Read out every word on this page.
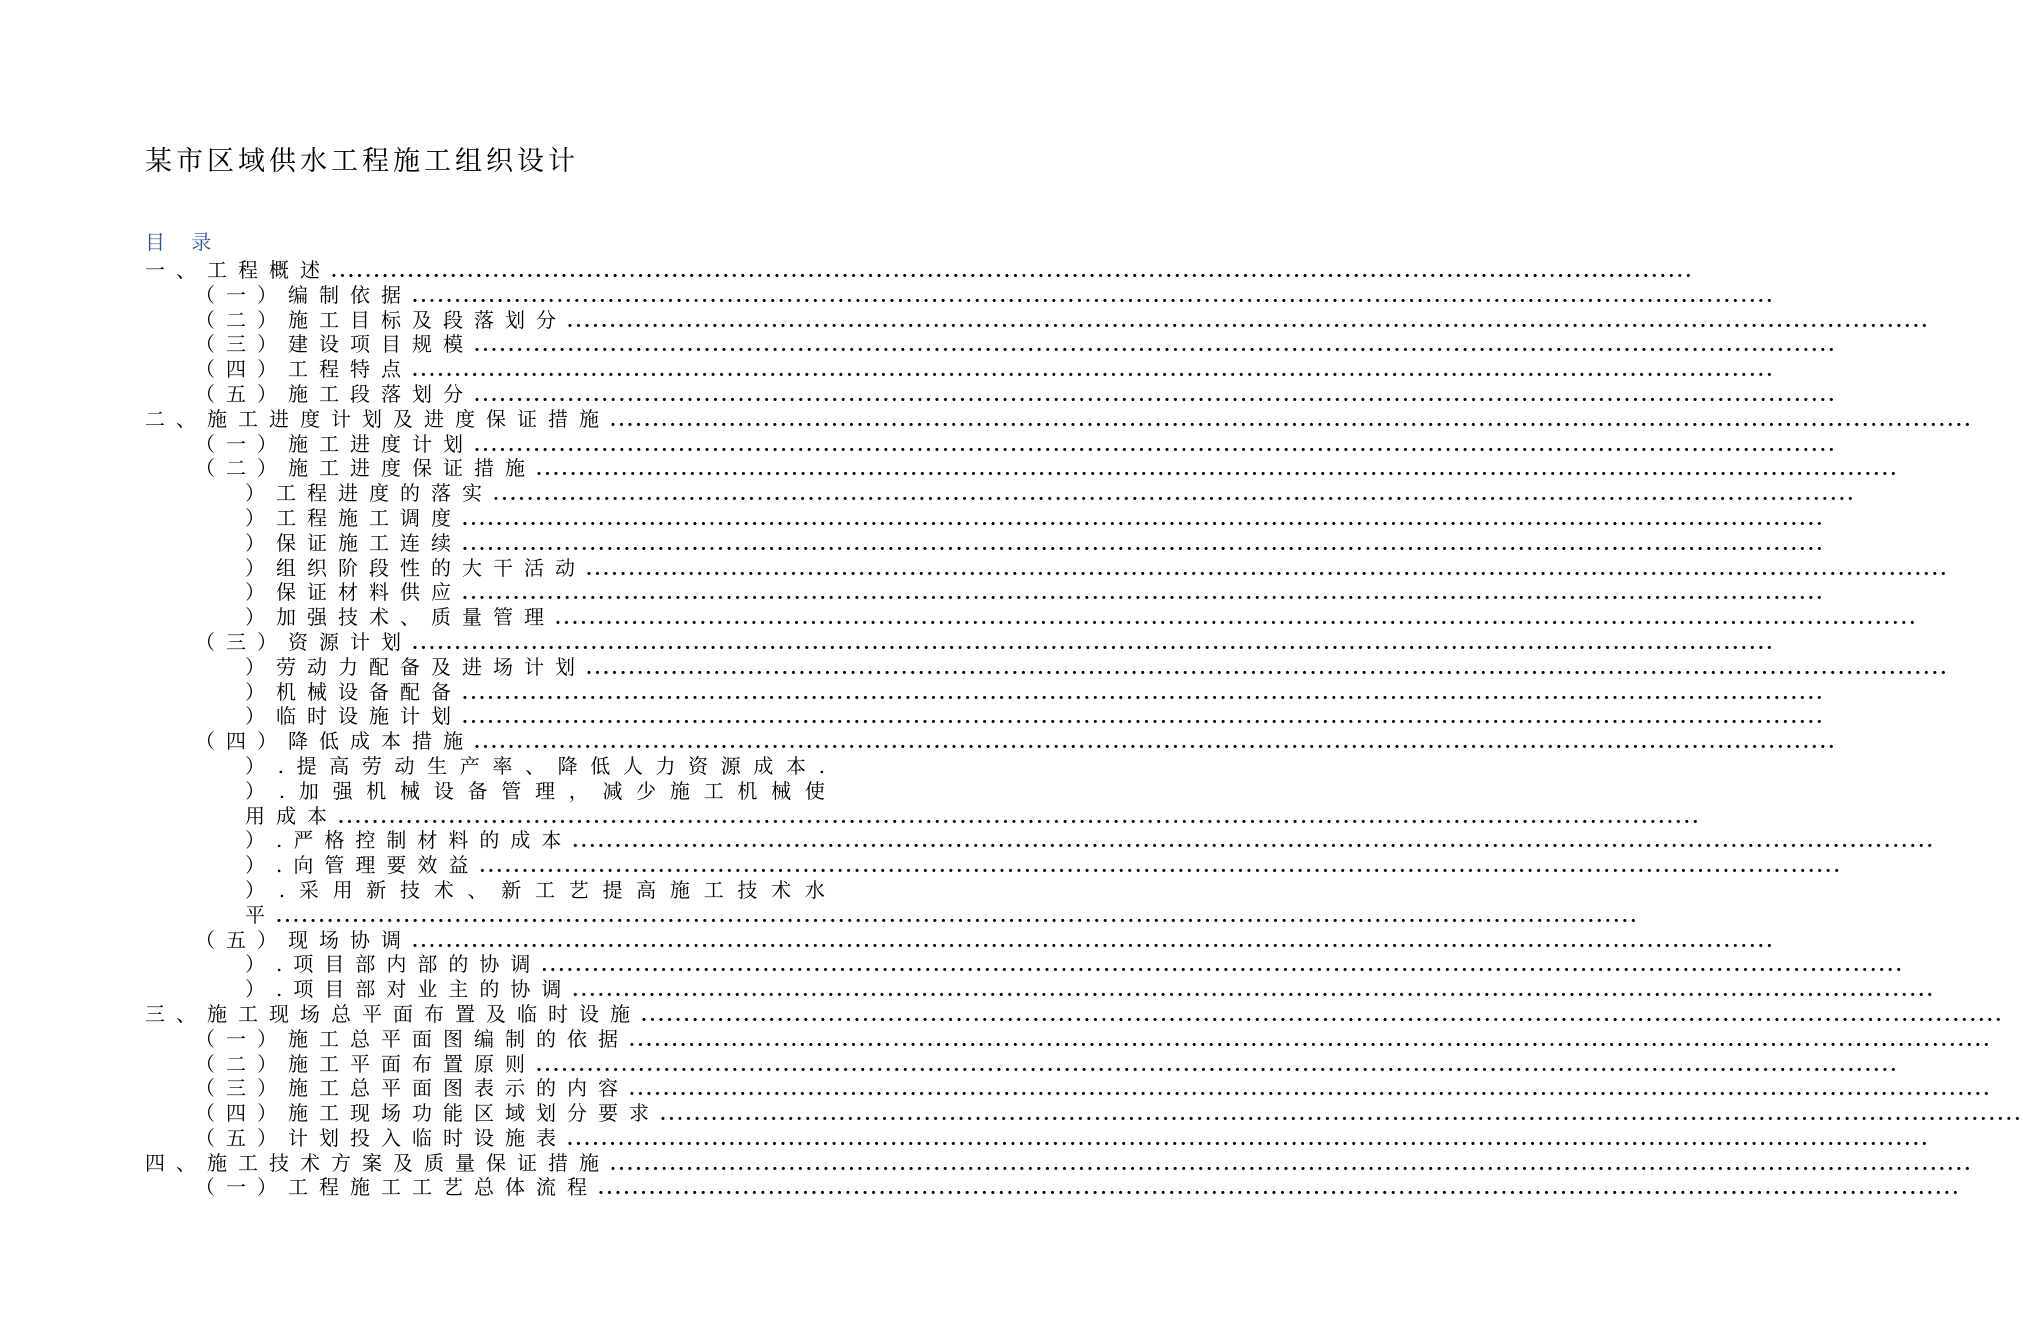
某市区域供水工程施工组织设计
目 录
一、工程概述 ................................................................................................................................................................
（一）编制依据 ................................................................................................................................................................
（二）施工目标及段落划分 ................................................................................................................................................................
（三）建设项目规模 ................................................................................................................................................................
（四）工程特点 ................................................................................................................................................................
（五）施工段落划分 ................................................................................................................................................................
二、施工进度计划及进度保证措施 ................................................................................................................................................................
（一）施工进度计划 ................................................................................................................................................................
（二）施工进度保证措施 ................................................................................................................................................................
）工程进度的落实 ................................................................................................................................................................
）工程施工调度 ................................................................................................................................................................
）保证施工连续 ................................................................................................................................................................
）组织阶段性的大干活动 ................................................................................................................................................................
）保证材料供应 ................................................................................................................................................................
）加强技术、质量管理 ................................................................................................................................................................
（三）资源计划 ................................................................................................................................................................
）劳动力配备及进场计划 ................................................................................................................................................................
）机械设备配备 ................................................................................................................................................................
）临时设施计划 ................................................................................................................................................................
（四）降低成本措施 ................................................................................................................................................................
） . 提 高 劳 动 生 产 率 、 降 低 人 力 资 源 成 本 .
） . 加 强 机 械 设 备 管 理 ， 减 少 施 工 机 械 使
用成本 ................................................................................................................................................................
）.严格控制材料的成本 ................................................................................................................................................................
）.向管理要效益 ................................................................................................................................................................
） . 采 用 新 技 术 、 新 工 艺 提 高 施 工 技 术 水
平 ................................................................................................................................................................
（五）现场协调 ................................................................................................................................................................
）.项目部内部的协调 ................................................................................................................................................................
）.项目部对业主的协调 ................................................................................................................................................................
三、施工现场总平面布置及临时设施 ................................................................................................................................................................
（一）施工总平面图编制的依据 ................................................................................................................................................................
（二）施工平面布置原则 ................................................................................................................................................................
（三）施工总平面图表示的内容 ................................................................................................................................................................
（四）施工现场功能区域划分要求 ................................................................................................................................................................
（五）计划投入临时设施表 ................................................................................................................................................................
四、施工技术方案及质量保证措施 ................................................................................................................................................................
（一）工程施工工艺总体流程 ................................................................................................................................................................
